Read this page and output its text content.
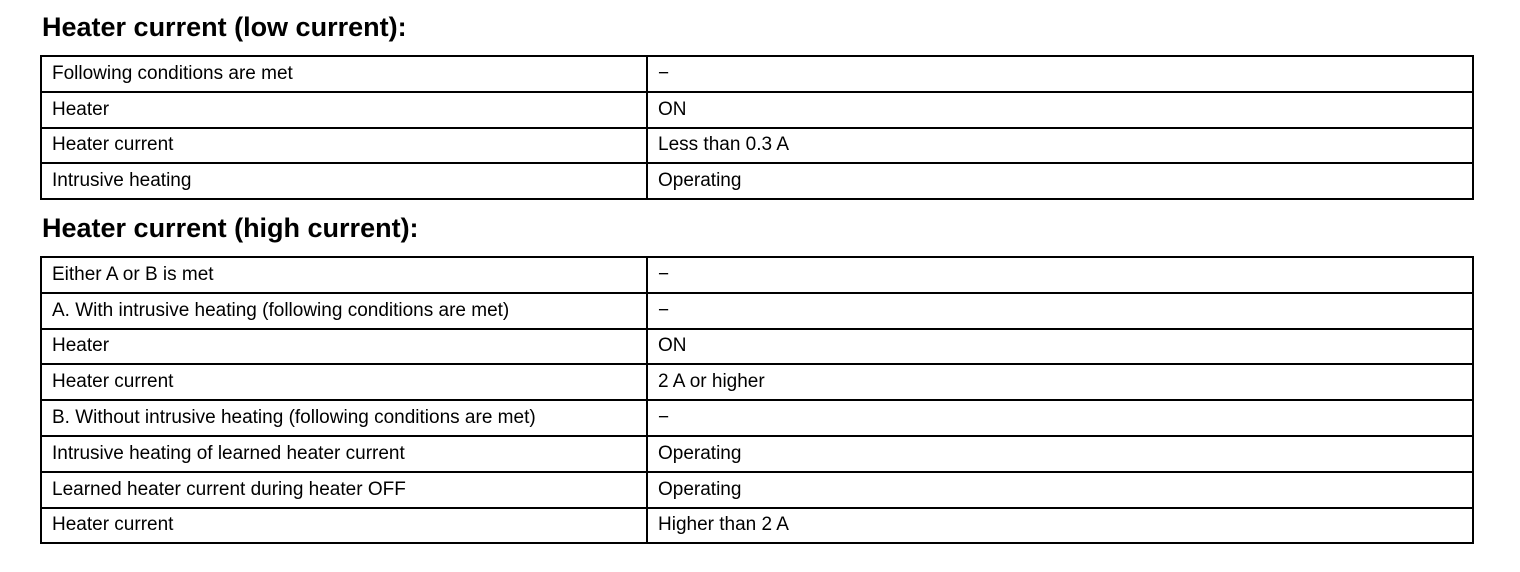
Heater current (low current):
Following conditions are met	−
Heater	ON
Heater current	Less than 0.3 A
Intrusive heating	Operating
Heater current (high current):
Either A or B is met	−
A. With intrusive heating (following conditions are met)	−
Heater	ON
Heater current	2 A or higher
B. Without intrusive heating (following conditions are met)	−
Intrusive heating of learned heater current	Operating
Learned heater current during heater OFF	Operating
Heater current	Higher than 2 A
